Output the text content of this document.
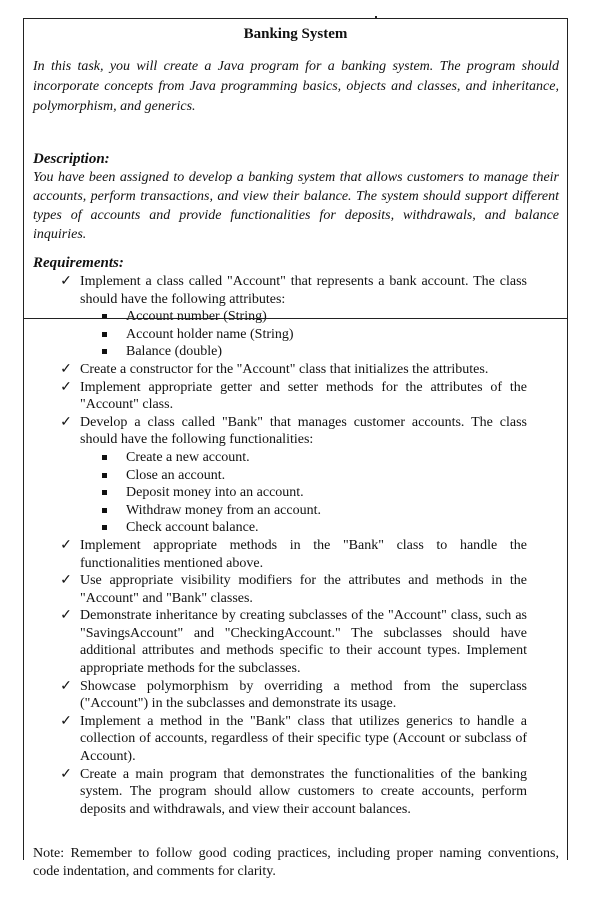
Banking System
In this task, you will create a Java program for a banking system. The program should incorporate concepts from Java programming basics, objects and classes, and inheritance, polymorphism, and generics.
Description:
You have been assigned to develop a banking system that allows customers to manage their accounts, perform transactions, and view their balance. The system should support different types of accounts and provide functionalities for deposits, withdrawals, and balance inquiries.
Requirements:
✓ Implement a class called "Account" that represents a bank account. The class should have the following attributes:
Account number (String)
Account holder name (String)
Balance (double)
✓ Create a constructor for the "Account" class that initializes the attributes.
✓ Implement appropriate getter and setter methods for the attributes of the "Account" class.
✓ Develop a class called "Bank" that manages customer accounts. The class should have the following functionalities:
Create a new account.
Close an account.
Deposit money into an account.
Withdraw money from an account.
Check account balance.
✓ Implement appropriate methods in the "Bank" class to handle the functionalities mentioned above.
✓ Use appropriate visibility modifiers for the attributes and methods in the "Account" and "Bank" classes.
✓ Demonstrate inheritance by creating subclasses of the "Account" class, such as "SavingsAccount" and "CheckingAccount." The subclasses should have additional attributes and methods specific to their account types. Implement appropriate methods for the subclasses.
✓ Showcase polymorphism by overriding a method from the superclass ("Account") in the subclasses and demonstrate its usage.
✓ Implement a method in the "Bank" class that utilizes generics to handle a collection of accounts, regardless of their specific type (Account or subclass of Account).
✓ Create a main program that demonstrates the functionalities of the banking system. The program should allow customers to create accounts, perform deposits and withdrawals, and view their account balances.
Note: Remember to follow good coding practices, including proper naming conventions, code indentation, and comments for clarity.
